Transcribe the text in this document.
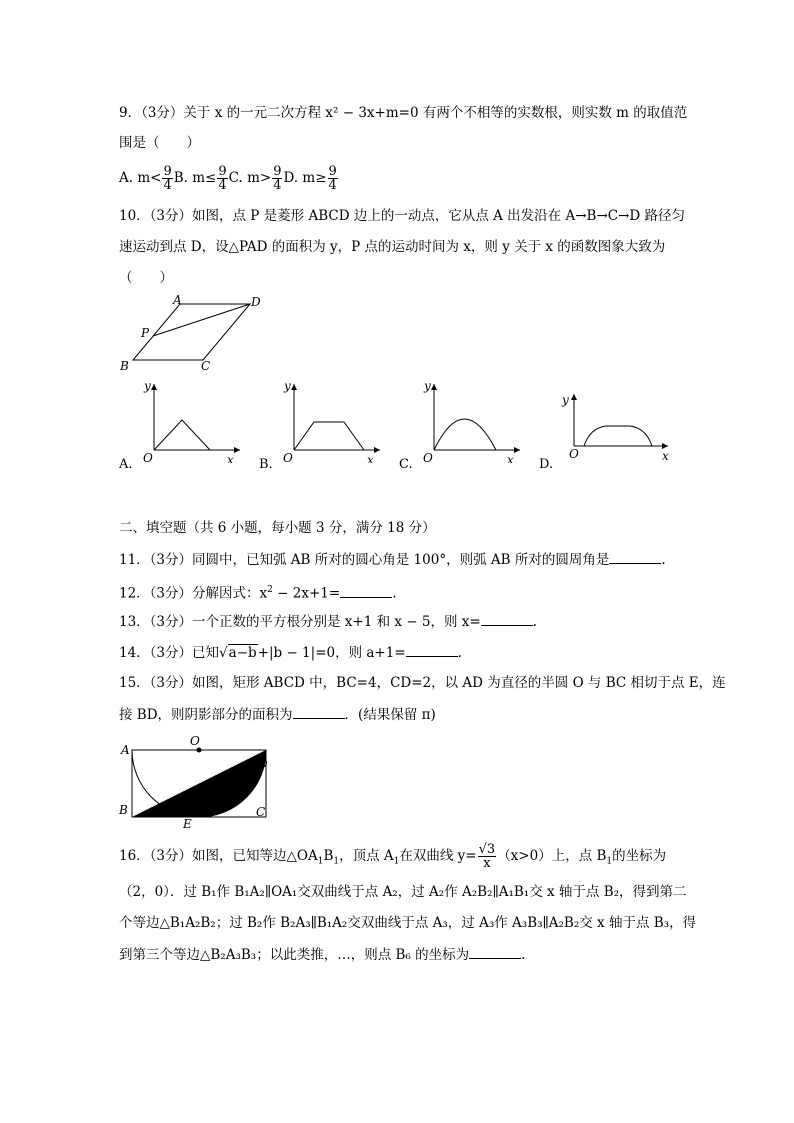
9．（3分）关于 x 的一元二次方程 x² − 3x+m=0 有两个不相等的实数根，则实数 m 的取值范
围是（　　）
A. $m< \frac{9}{4} B$. $m\le \frac{9}{4} C$. $m> \frac{9}{4} D$. $m\ge \frac{9}{4}$
10．（3分）如图，点 P 是菱形 ABCD 边上的一动点，它从点 A 出发沿在 A→B→C→D 路径匀
速运动到点 D，设△PAD 的面积为 y，P 点的运动时间为 x，则 y 关于 x 的函数图象大致为
（　　）
A	D
P
B	C
y
O	x
A.
y
O	x
B.
y
O	x
C.
y
O	x
D.
二、填空题（共 6 小题，每小题 3 分，满分 18 分）
11．（3分）同圆中，已知弧 AB 所对的圆心角是 100°，则弧 AB 所对的圆周角是	.
12．（3分）分解因式：$x^2 - 2x+1=$	.
13．（3分）一个正数的平方根分别是 x+1 和 x − 5，则 x=	.
14．（3分）已知√a−b+|b − 1|=0，则 a+1=	.
15．（3分）如图，矩形 ABCD 中，BC=4，CD=2，以 AD 为直径的半圆 O 与 BC 相切于点 E，连
接 BD，则阴影部分的面积为	．(结果保留 π)
A
D
B	C
O
E
16．（3分）如图，已知等边$\triangle OA_1B_1$，顶点 $A_1$在双曲线 $y= \frac{√3}{x} (x>0)$上，点 $B_1$的坐标为
（2，0）．过 B₁作 B₁A₂∥OA₁交双曲线于点 A₂，过 A₂作 A₂B₂∥A₁B₁交 x 轴于点 B₂，得到第二
个等边△B₁A₂B₂；过 B₂作 B₂A₃∥B₁A₂交双曲线于点 A₃，过 A₃作 A₃B₃∥A₂B₂交 x 轴于点 B₃，得
到第三个等边△B₂A₃B₃；以此类推，…，则点 B₆ 的坐标为	.
